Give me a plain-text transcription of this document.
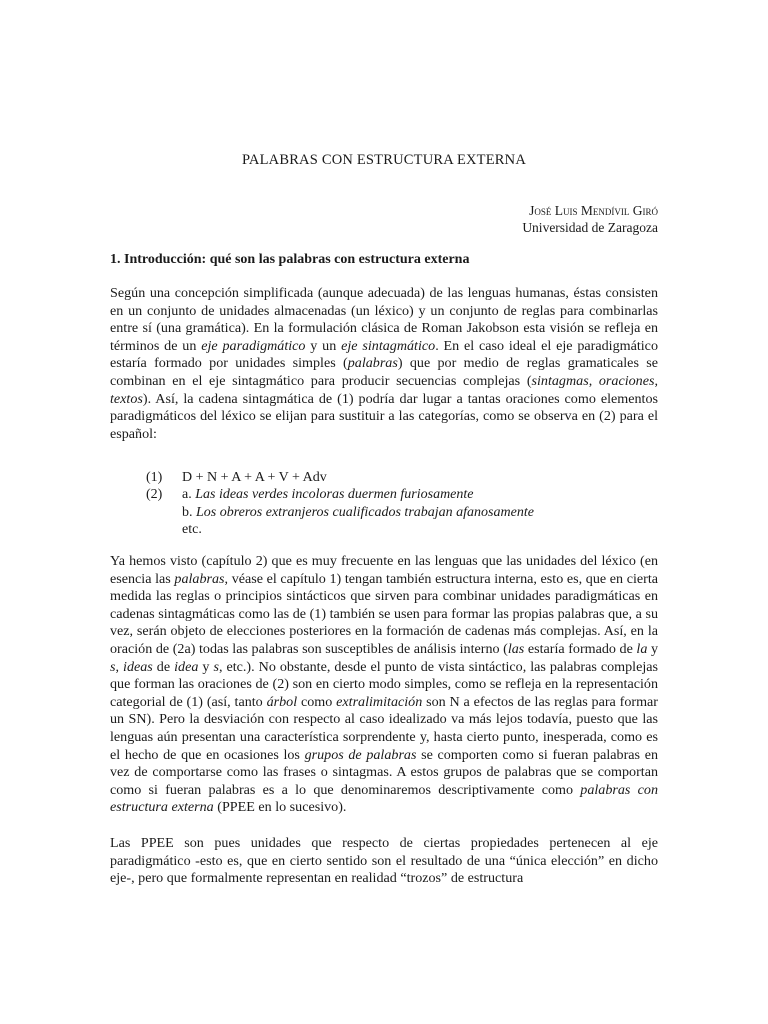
PALABRAS CON ESTRUCTURA EXTERNA
José Luis Mendívil Giró
Universidad de Zaragoza
1. Introducción: qué son las palabras con estructura externa

Según una concepción simplificada (aunque adecuada) de las lenguas humanas, éstas consisten en un conjunto de unidades almacenadas (un léxico) y un conjunto de reglas para combinarlas entre sí (una gramática). En la formulación clásica de Roman Jakobson esta visión se refleja en términos de un eje paradigmático y un eje sintagmático. En el caso ideal el eje paradigmático estaría formado por unidades simples (palabras) que por medio de reglas gramaticales se combinan en el eje sintagmático para producir secuencias complejas (sintagmas, oraciones, textos). Así, la cadena sintagmática de (1) podría dar lugar a tantas oraciones como elementos paradigmáticos del léxico se elijan para sustituir a las categorías, como se observa en (2) para el español:

(1)	D + N + A + A + V + Adv
(2)	a. Las ideas verdes incoloras duermen furiosamente
b. Los obreros extranjeros cualificados trabajan afanosamente
etc.

Ya hemos visto (capítulo 2) que es muy frecuente en las lenguas que las unidades del léxico (en esencia las palabras, véase el capítulo 1) tengan también estructura interna, esto es, que en cierta medida las reglas o principios sintácticos que sirven para combinar unidades paradigmáticas en cadenas sintagmáticas como las de (1) también se usen para formar las propias palabras que, a su vez, serán objeto de elecciones posteriores en la formación de cadenas más complejas. Así, en la oración de (2a) todas las palabras son susceptibles de análisis interno (las estaría formado de la y s, ideas de idea y s, etc.). No obstante, desde el punto de vista sintáctico, las palabras complejas que forman las oraciones de (2) son en cierto modo simples, como se refleja en la representación categorial de (1) (así, tanto árbol como extralimitación son N a efectos de las reglas para formar un SN). Pero la desviación con respecto al caso idealizado va más lejos todavía, puesto que las lenguas aún presentan una característica sorprendente y, hasta cierto punto, inesperada, como es el hecho de que en ocasiones los grupos de palabras se comporten como si fueran palabras en vez de comportarse como las frases o sintagmas. A estos grupos de palabras que se comportan como si fueran palabras es a lo que denominaremos descriptivamente como palabras con estructura externa (PPEE en lo sucesivo).

Las PPEE son pues unidades que respecto de ciertas propiedades pertenecen al eje paradigmático -esto es, que en cierto sentido son el resultado de una “única elección” en dicho eje-, pero que formalmente representan en realidad “trozos” de estructura
